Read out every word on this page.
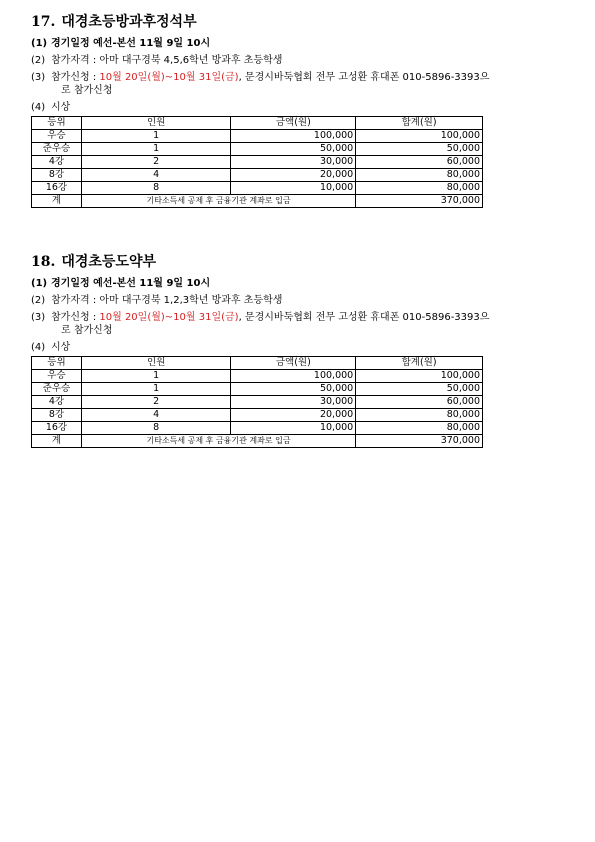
17. 대경초등방과후정석부
(1) 경기일정 예선-본선 11월 9일 10시
(2) 참가자격 : 아마 대구경북 4,5,6학년 방과후 초등학생
(3) 참가신청 : 10월 20일(월)~10월 31일(금), 문경시바둑협회 전무 고성환 휴대폰 010-5896-3393으
로 참가신청
(4) 시상
등위	인원	금액(원)	합계(원)
우승	1	100,000	100,000
준우승	1	50,000	50,000
4강	2	30,000	60,000
8강	4	20,000	80,000
16강	8	10,000	80,000
계	기타소득세 공제 후 금융기관 계좌로 입금		370,000
18. 대경초등도약부
(1) 경기일정 예선-본선 11월 9일 10시
(2) 참가자격 : 아마 대구경북 1,2,3학년 방과후 초등학생
(3) 참가신청 : 10월 20일(월)~10월 31일(금), 문경시바둑협회 전무 고성환 휴대폰 010-5896-3393으
로 참가신청
(4) 시상
등위	인원	금액(원)	합계(원)
우승	1	100,000	100,000
준우승	1	50,000	50,000
4강	2	30,000	60,000
8강	4	20,000	80,000
16강	8	10,000	80,000
계	기타소득세 공제 후 금융기관 계좌로 입금		370,000
